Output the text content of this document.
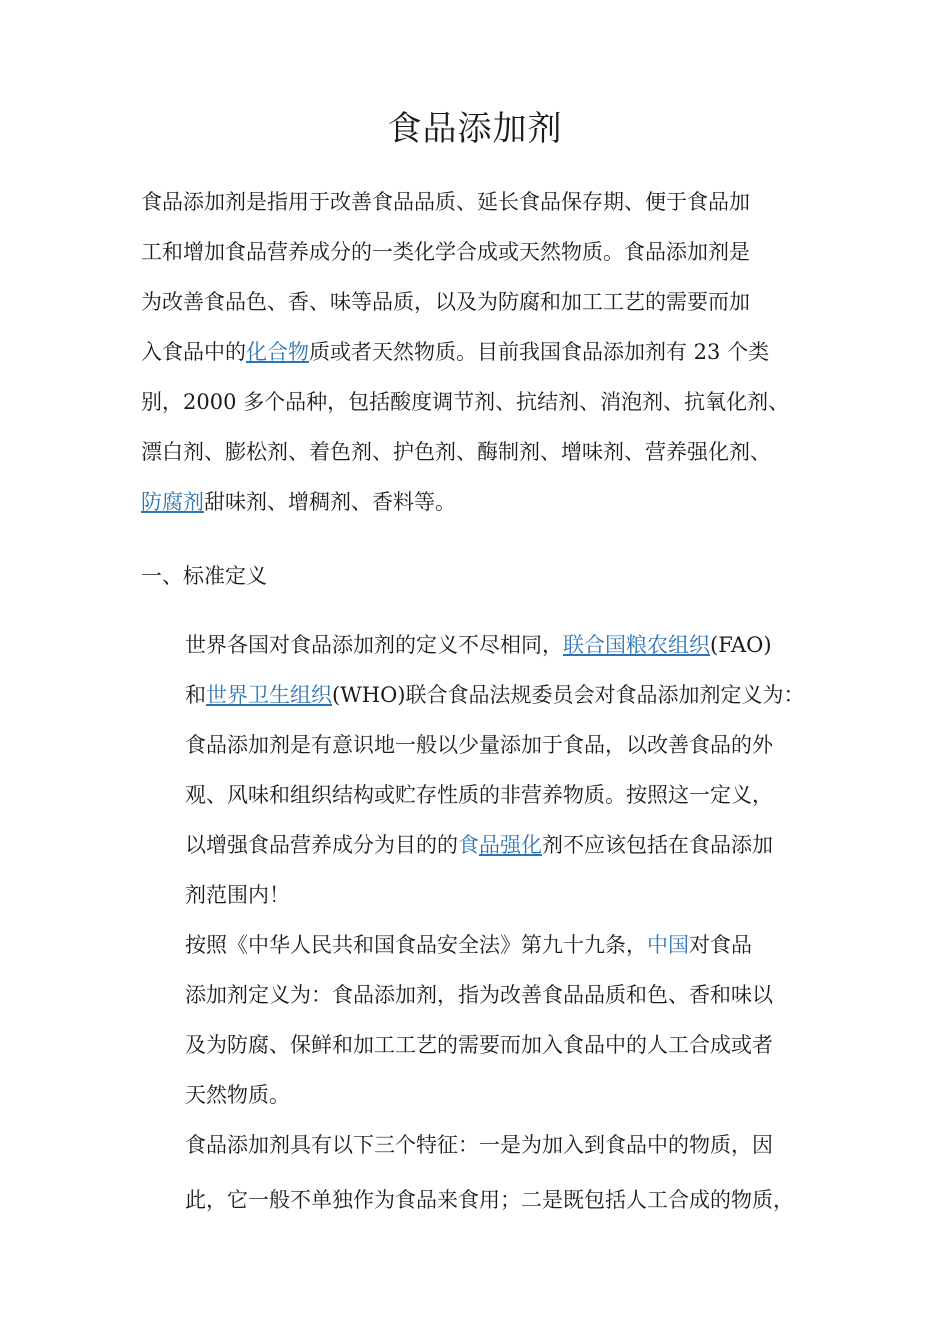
食品添加剂

食品添加剂是指用于改善食品品质、延长食品保存期、便于食品加

工和增加食品营养成分的一类化学合成或天然物质。食品添加剂是

为改善食品色、香、味等品质，以及为防腐和加工工艺的需要而加

入食品中的化合物质或者天然物质。目前我国食品添加剂有 23 个类

别，2000 多个品种，包括酸度调节剂、抗结剂、消泡剂、抗氧化剂、

漂白剂、膨松剂、着色剂、护色剂、酶制剂、增味剂、营养强化剂、

防腐剂甜味剂、增稠剂、香料等。

一、标准定义

世界各国对食品添加剂的定义不尽相同，联合国粮农组织(FAO)

和世界卫生组织(WHO)联合食品法规委员会对食品添加剂定义为：

食品添加剂是有意识地一般以少量添加于食品，以改善食品的外

观、风味和组织结构或贮存性质的非营养物质。按照这一定义，

以增强食品营养成分为目的的食品强化剂不应该包括在食品添加

剂范围内！

按照《中华人民共和国食品安全法》第九十九条，中国对食品

添加剂定义为：食品添加剂，指为改善食品品质和色、香和味以

及为防腐、保鲜和加工工艺的需要而加入食品中的人工合成或者

天然物质。

食品添加剂具有以下三个特征：一是为加入到食品中的物质，因

此，它一般不单独作为食品来食用；二是既包括人工合成的物质，
